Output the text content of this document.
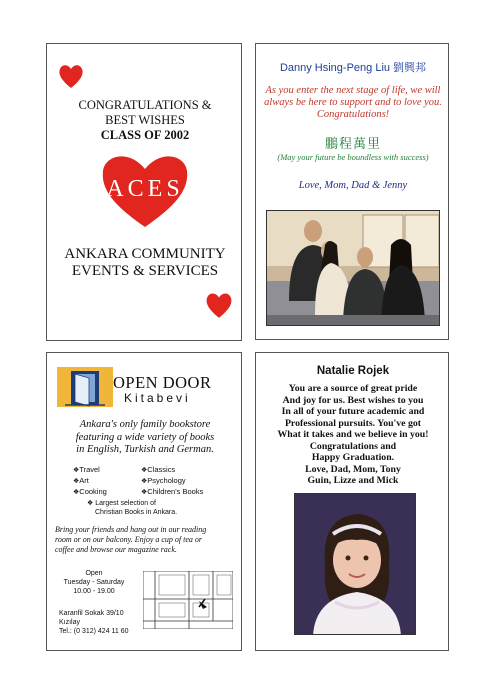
CONGRATULATIONS &
BEST WISHES
CLASS OF 2002
ACES
ANKARA COMMUNITY
EVENTS & SERVICES
Danny Hsing-Peng Liu 劉興邦
As you enter the next stage of life, we will
always be here to support and to love you.
Congratulations!
鵬程萬里
(May your future be boundless with success)
Love, Mom, Dad & Jenny
OPEN DOOR
Kitabevi
Ankara's only family bookstore
featuring a wide variety of books
in English, Turkish and German.
❖ Travel
❖ Art
❖ Cooking
❖ Classics
❖ Psychology
❖ Children's Books
❖ Largest selection of
Christian Books in Ankara.
Bring your friends and hang out in our reading
room or on our balcony. Enjoy a cup of tea or
coffee and browse our magazine rack.
Open
Tuesday - Saturday
10.00 - 19.00
Karanfil Sokak 39/10
Kızılay
Tel.: (0 312) 424 11 60
Natalie Rojek
You are a source of great pride
And joy for us. Best wishes to you
In all of your future academic and
Professional pursuits. You've got
What it takes and we believe in you!
Congratulations and
Happy Graduation.
Love, Dad, Mom, Tony
Guin, Lizze and Mick
